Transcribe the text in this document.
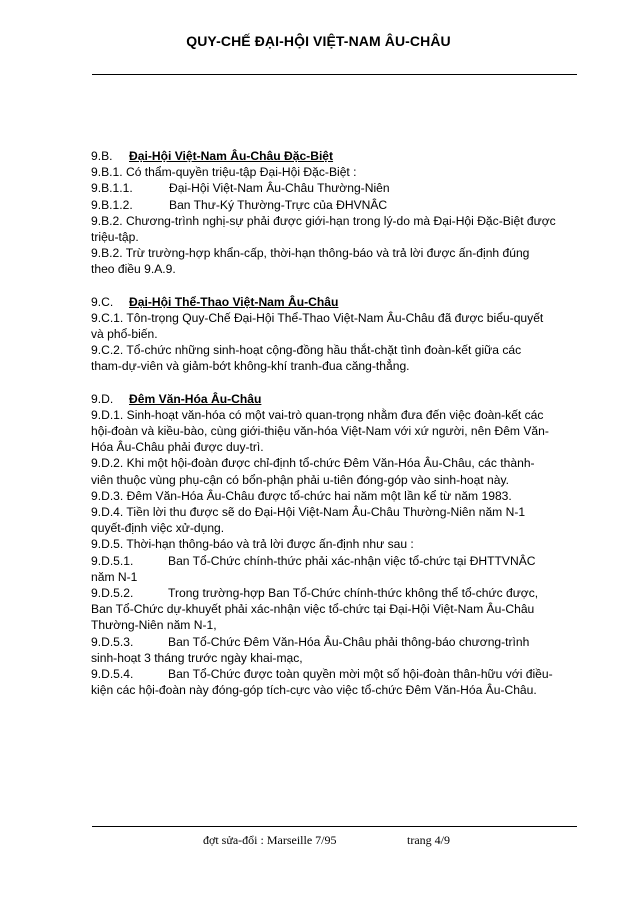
QUY-CHẾ ĐẠI-HỘI VIỆT-NAM ÂU-CHÂU
9.B. Đại-Hội Việt-Nam Âu-Châu Đặc-Biệt
9.B.1. Có thẩm-quyền triệu-tập Đại-Hội Đặc-Biệt :
9.B.1.1.	Đại-Hội Việt-Nam Âu-Châu Thường-Niên
9.B.1.2.	Ban Thư-Ký Thường-Trực của ĐHVNÂC
9.B.2. Chương-trình nghị-sự phải được giới-hạn trong lý-do mà Đại-Hội Đặc-Biệt được
triệu-tập.
9.B.2. Trừ trường-hợp khẩn-cấp, thời-hạn thông-báo và trả lời được ấn-định đúng
theo điều 9.A.9.
9.C. Đại-Hội Thể-Thao Việt-Nam Âu-Châu
9.C.1. Tôn-trọng Quy-Chế Đại-Hội Thể-Thao Việt-Nam Âu-Châu đã được biểu-quyết
và phổ-biến.
9.C.2. Tổ-chức những sinh-hoạt cộng-đồng hầu thắt-chặt tình đoàn-kết giữa các
tham-dự-viên và giảm-bớt không-khí tranh-đua căng-thẳng.
9.D. Đêm Văn-Hóa Âu-Châu
9.D.1. Sinh-hoạt văn-hóa có một vai-trò quan-trọng nhằm đưa đến việc đoàn-kết các
hội-đoàn và kiều-bào, cùng giới-thiệu văn-hóa Việt-Nam với xứ người, nên Đêm Văn-
Hóa Âu-Châu phải được duy-trì.
9.D.2. Khi một hội-đoàn được chỉ-định tổ-chức Đêm Văn-Hóa Âu-Châu, các thành-
viên thuộc vùng phụ-cận có bổn-phận phải u-tiên đóng-góp vào sinh-hoạt này.
9.D.3. Đêm Văn-Hóa Âu-Châu được tổ-chức hai năm một lần kể từ năm 1983.
9.D.4. Tiền lời thu được sẽ do Đại-Hội Việt-Nam Âu-Châu Thường-Niên năm N-1
quyết-định việc xử-dụng.
9.D.5. Thời-hạn thông-báo và trả lời được ấn-định như sau :
9.D.5.1.	Ban Tổ-Chức chính-thức phải xác-nhận việc tổ-chức tại ĐHTTVNÂC
năm N-1
9.D.5.2.	Trong trường-hợp Ban Tổ-Chức chính-thức không thể tổ-chức được,
Ban Tổ-Chức dự-khuyết phải xác-nhận việc tổ-chức tại Đại-Hội Việt-Nam Âu-Châu
Thường-Niên năm N-1,
9.D.5.3.	Ban Tổ-Chức Đêm Văn-Hóa Âu-Châu phải thông-báo chương-trình
sinh-hoạt 3 tháng trước ngày khai-mạc,
9.D.5.4.	Ban Tổ-Chức được toàn quyền mời một số hội-đoàn thân-hữu với điều-
kiện các hội-đoàn này đóng-góp tích-cực vào việc tổ-chức Đêm Văn-Hóa Âu-Châu.
đợt sửa-đổi : Marseille 7/95	trang 4/9
